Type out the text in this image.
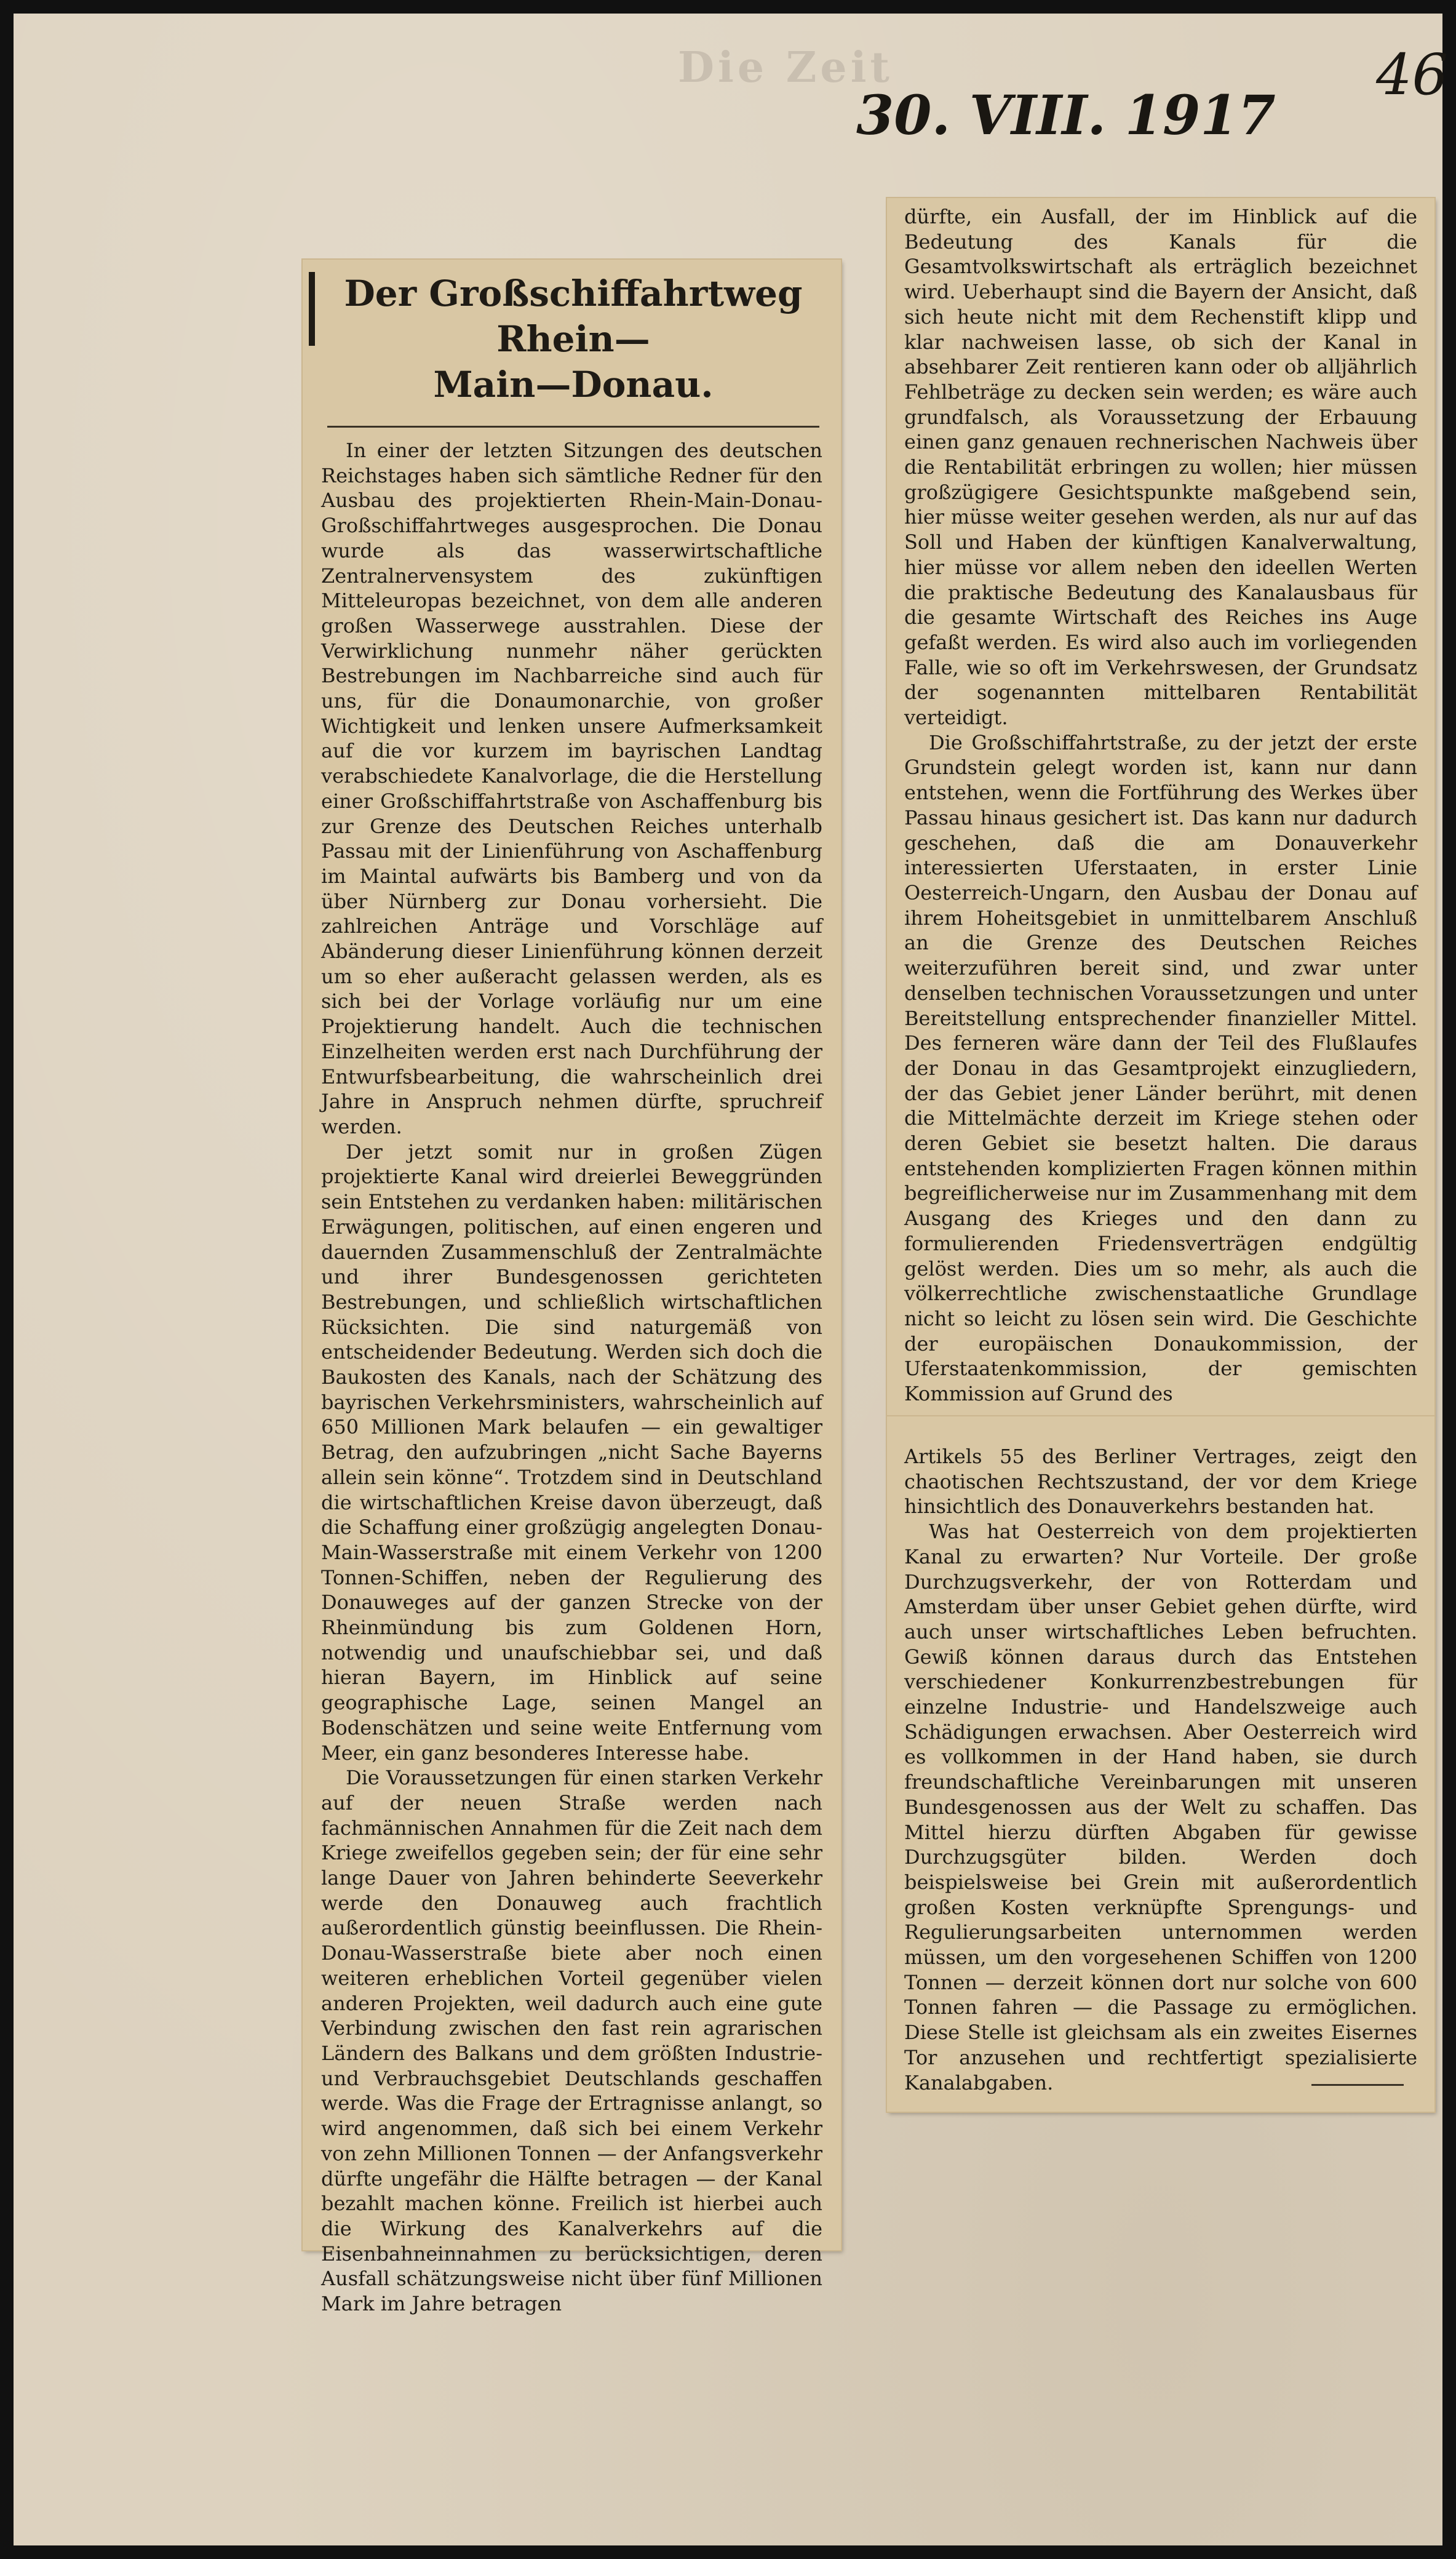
Die Zeit
30. VIII. 1917
46
Der Großschiffahrtweg Rhein—
Main—Donau.

In einer der letzten Sitzungen des deutschen Reichstages haben sich sämtliche Redner für den Ausbau des projektierten Rhein-Main-Donau-Großschiffahrtweges ausgesprochen. Die Donau wurde als das wasserwirtschaftliche Zentralnervensystem des zukünftigen Mitteleuropas bezeichnet, von dem alle anderen großen Wasserwege ausstrahlen. Diese der Verwirklichung nunmehr näher gerückten Bestrebungen im Nachbarreiche sind auch für uns, für die Donaumonarchie, von großer Wichtigkeit und lenken unsere Aufmerksamkeit auf die vor kurzem im bayrischen Landtag verabschiedete Kanalvorlage, die die Herstellung einer Großschiffahrtstraße von Aschaffenburg bis zur Grenze des Deutschen Reiches unterhalb Passau mit der Linienführung von Aschaffenburg im Maintal aufwärts bis Bamberg und von da über Nürnberg zur Donau vorhersieht. Die zahlreichen Anträge und Vorschläge auf Abänderung dieser Linienführung können derzeit um so eher außeracht gelassen werden, als es sich bei der Vorlage vorläufig nur um eine Projektierung handelt. Auch die technischen Einzelheiten werden erst nach Durchführung der Entwurfsbearbeitung, die wahrscheinlich drei Jahre in Anspruch nehmen dürfte, spruchreif werden.

Der jetzt somit nur in großen Zügen projektierte Kanal wird dreierlei Beweggründen sein Entstehen zu verdanken haben: militärischen Erwägungen, politischen, auf einen engeren und dauernden Zusammenschluß der Zentralmächte und ihrer Bundesgenossen gerichteten Bestrebungen, und schließlich wirtschaftlichen Rücksichten. Die sind naturgemäß von entscheidender Bedeutung. Werden sich doch die Baukosten des Kanals, nach der Schätzung des bayrischen Verkehrsministers, wahrscheinlich auf 650 Millionen Mark belaufen — ein gewaltiger Betrag, den aufzubringen „nicht Sache Bayerns allein sein könne“. Trotzdem sind in Deutschland die wirtschaftlichen Kreise davon überzeugt, daß die Schaffung einer großzügig angelegten Donau-Main-Wasserstraße mit einem Verkehr von 1200 Tonnen-Schiffen, neben der Regulierung des Donauweges auf der ganzen Strecke von der Rheinmündung bis zum Goldenen Horn, notwendig und unaufschiebbar sei, und daß hieran Bayern, im Hinblick auf seine geographische Lage, seinen Mangel an Bodenschätzen und seine weite Entfernung vom Meer, ein ganz besonderes Interesse habe.

Die Voraussetzungen für einen starken Verkehr auf der neuen Straße werden nach fachmännischen Annahmen für die Zeit nach dem Kriege zweifellos gegeben sein; der für eine sehr lange Dauer von Jahren behinderte Seeverkehr werde den Donauweg auch frachtlich außerordentlich günstig beeinflussen. Die Rhein-Donau-Wasserstraße biete aber noch einen weiteren erheblichen Vorteil gegenüber vielen anderen Projekten, weil dadurch auch eine gute Verbindung zwischen den fast rein agrarischen Ländern des Balkans und dem größten Industrie- und Verbrauchsgebiet Deutschlands geschaffen werde. Was die Frage der Ertragnisse anlangt, so wird angenommen, daß sich bei einem Verkehr von zehn Millionen Tonnen — der Anfangsverkehr dürfte ungefähr die Hälfte betragen — der Kanal bezahlt machen könne. Freilich ist hierbei auch die Wirkung des Kanalverkehrs auf die Eisenbahneinnahmen zu berücksichtigen, deren Ausfall schätzungsweise nicht über fünf Millionen Mark im Jahre betragen

dürfte, ein Ausfall, der im Hinblick auf die Bedeutung des Kanals für die Gesamtvolkswirtschaft als erträglich bezeichnet wird. Ueberhaupt sind die Bayern der Ansicht, daß sich heute nicht mit dem Rechenstift klipp und klar nachweisen lasse, ob sich der Kanal in absehbarer Zeit rentieren kann oder ob alljährlich Fehlbeträge zu decken sein werden; es wäre auch grundfalsch, als Voraussetzung der Erbauung einen ganz genauen rechnerischen Nachweis über die Rentabilität erbringen zu wollen; hier müssen großzügigere Gesichtspunkte maßgebend sein, hier müsse weiter gesehen werden, als nur auf das Soll und Haben der künftigen Kanalverwaltung, hier müsse vor allem neben den ideellen Werten die praktische Bedeutung des Kanalausbaus für die gesamte Wirtschaft des Reiches ins Auge gefaßt werden. Es wird also auch im vorliegenden Falle, wie so oft im Verkehrswesen, der Grundsatz der sogenannten mittelbaren Rentabilität verteidigt.

Die Großschiffahrtstraße, zu der jetzt der erste Grundstein gelegt worden ist, kann nur dann entstehen, wenn die Fortführung des Werkes über Passau hinaus gesichert ist. Das kann nur dadurch geschehen, daß die am Donauverkehr interessierten Uferstaaten, in erster Linie Oesterreich-Ungarn, den Ausbau der Donau auf ihrem Hoheitsgebiet in unmittelbarem Anschluß an die Grenze des Deutschen Reiches weiterzuführen bereit sind, und zwar unter denselben technischen Voraussetzungen und unter Bereitstellung entsprechender finanzieller Mittel. Des ferneren wäre dann der Teil des Flußlaufes der Donau in das Gesamtprojekt einzugliedern, der das Gebiet jener Länder berührt, mit denen die Mittelmächte derzeit im Kriege stehen oder deren Gebiet sie besetzt halten. Die daraus entstehenden komplizierten Fragen können mithin begreiflicherweise nur im Zusammenhang mit dem Ausgang des Krieges und den dann zu formulierenden Friedensverträgen endgültig gelöst werden. Dies um so mehr, als auch die völkerrechtliche zwischenstaatliche Grundlage nicht so leicht zu lösen sein wird. Die Geschichte der europäischen Donaukommission, der Uferstaatenkommission, der gemischten Kommission auf Grund des

Artikels 55 des Berliner Vertrages, zeigt den chaotischen Rechtszustand, der vor dem Kriege hinsichtlich des Donauverkehrs bestanden hat.

Was hat Oesterreich von dem projektierten Kanal zu erwarten? Nur Vorteile. Der große Durchzugsverkehr, der von Rotterdam und Amsterdam über unser Gebiet gehen dürfte, wird auch unser wirtschaftliches Leben befruchten. Gewiß können daraus durch das Entstehen verschiedener Konkurrenzbestrebungen für einzelne Industrie- und Handelszweige auch Schädigungen erwachsen. Aber Oesterreich wird es vollkommen in der Hand haben, sie durch freundschaftliche Vereinbarungen mit unseren Bundesgenossen aus der Welt zu schaffen. Das Mittel hierzu dürften Abgaben für gewisse Durchzugsgüter bilden. Werden doch beispielsweise bei Grein mit außerordentlich großen Kosten verknüpfte Sprengungs- und Regulierungsarbeiten unternommen werden müssen, um den vorgesehenen Schiffen von 1200 Tonnen — derzeit können dort nur solche von 600 Tonnen fahren — die Passage zu ermöglichen. Diese Stelle ist gleichsam als ein zweites Eisernes Tor anzusehen und rechtfertigt spezialisierte Kanalabgaben.
